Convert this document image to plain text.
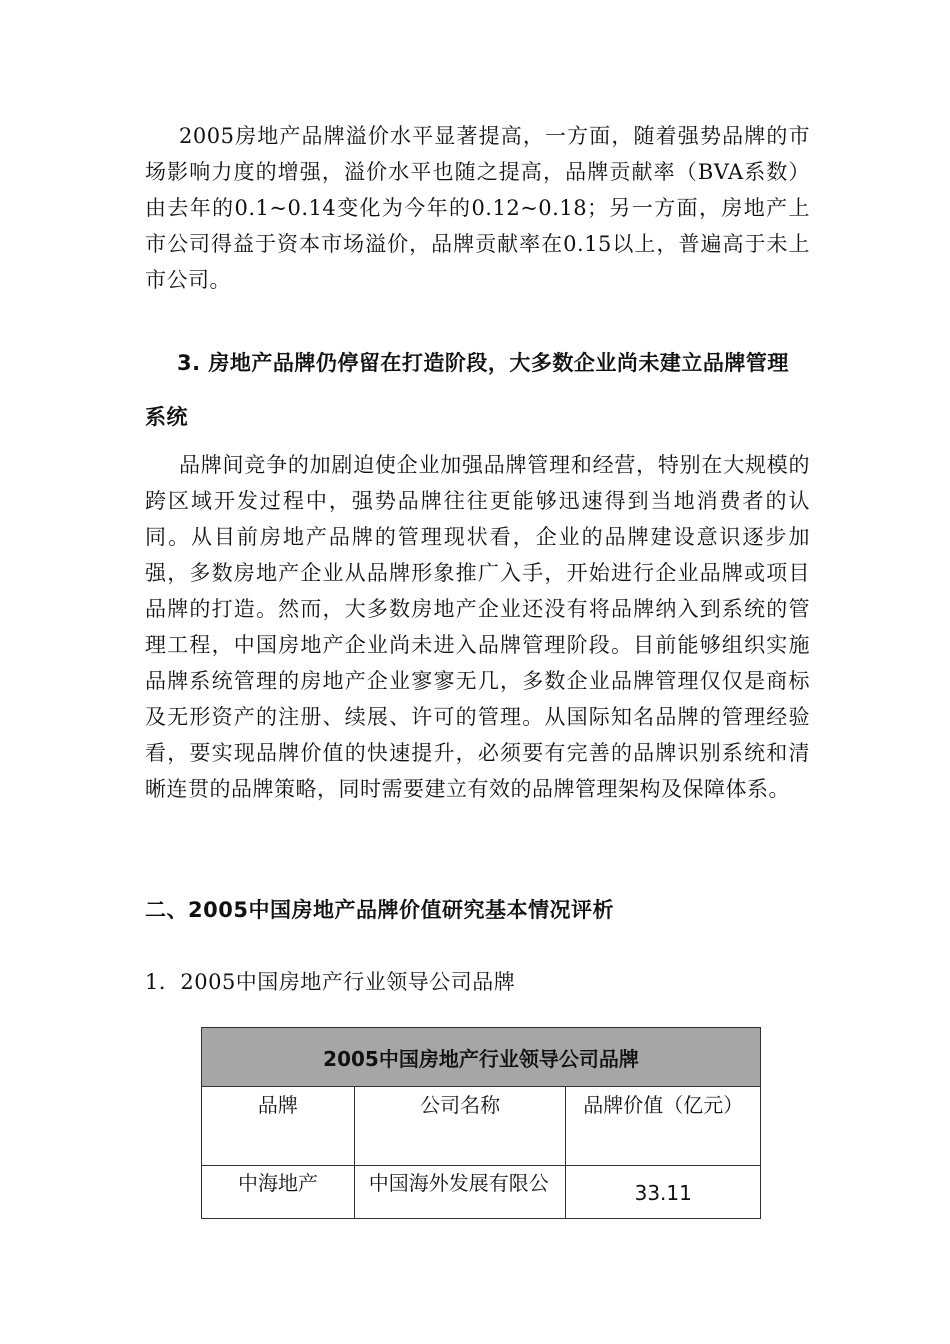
2005房地产品牌溢价水平显著提高，一方面，随着强势品牌的市场影响力度的增强，溢价水平也随之提高，品牌贡献率（BVA系数）由去年的0.1~0.14变化为今年的0.12~0.18；另一方面，房地产上市公司得益于资本市场溢价，品牌贡献率在0.15以上，普遍高于未上市公司。

3. 房地产品牌仍停留在打造阶段，大多数企业尚未建立品牌管理系统

品牌间竞争的加剧迫使企业加强品牌管理和经营，特别在大规模的跨区域开发过程中，强势品牌往往更能够迅速得到当地消费者的认同。从目前房地产品牌的管理现状看，企业的品牌建设意识逐步加强，多数房地产企业从品牌形象推广入手，开始进行企业品牌或项目品牌的打造。然而，大多数房地产企业还没有将品牌纳入到系统的管理工程，中国房地产企业尚未进入品牌管理阶段。目前能够组织实施品牌系统管理的房地产企业寥寥无几，多数企业品牌管理仅仅是商标及无形资产的注册、续展、许可的管理。从国际知名品牌的管理经验看，要实现品牌价值的快速提升，必须要有完善的品牌识别系统和清晰连贯的品牌策略，同时需要建立有效的品牌管理架构及保障体系。

二、2005中国房地产品牌价值研究基本情况评析
1．2005中国房地产行业领导公司品牌
2005中国房地产行业领导公司品牌		
品牌	公司名称	品牌价值（亿元）
中海地产	中国海外发展有限公	33.11
